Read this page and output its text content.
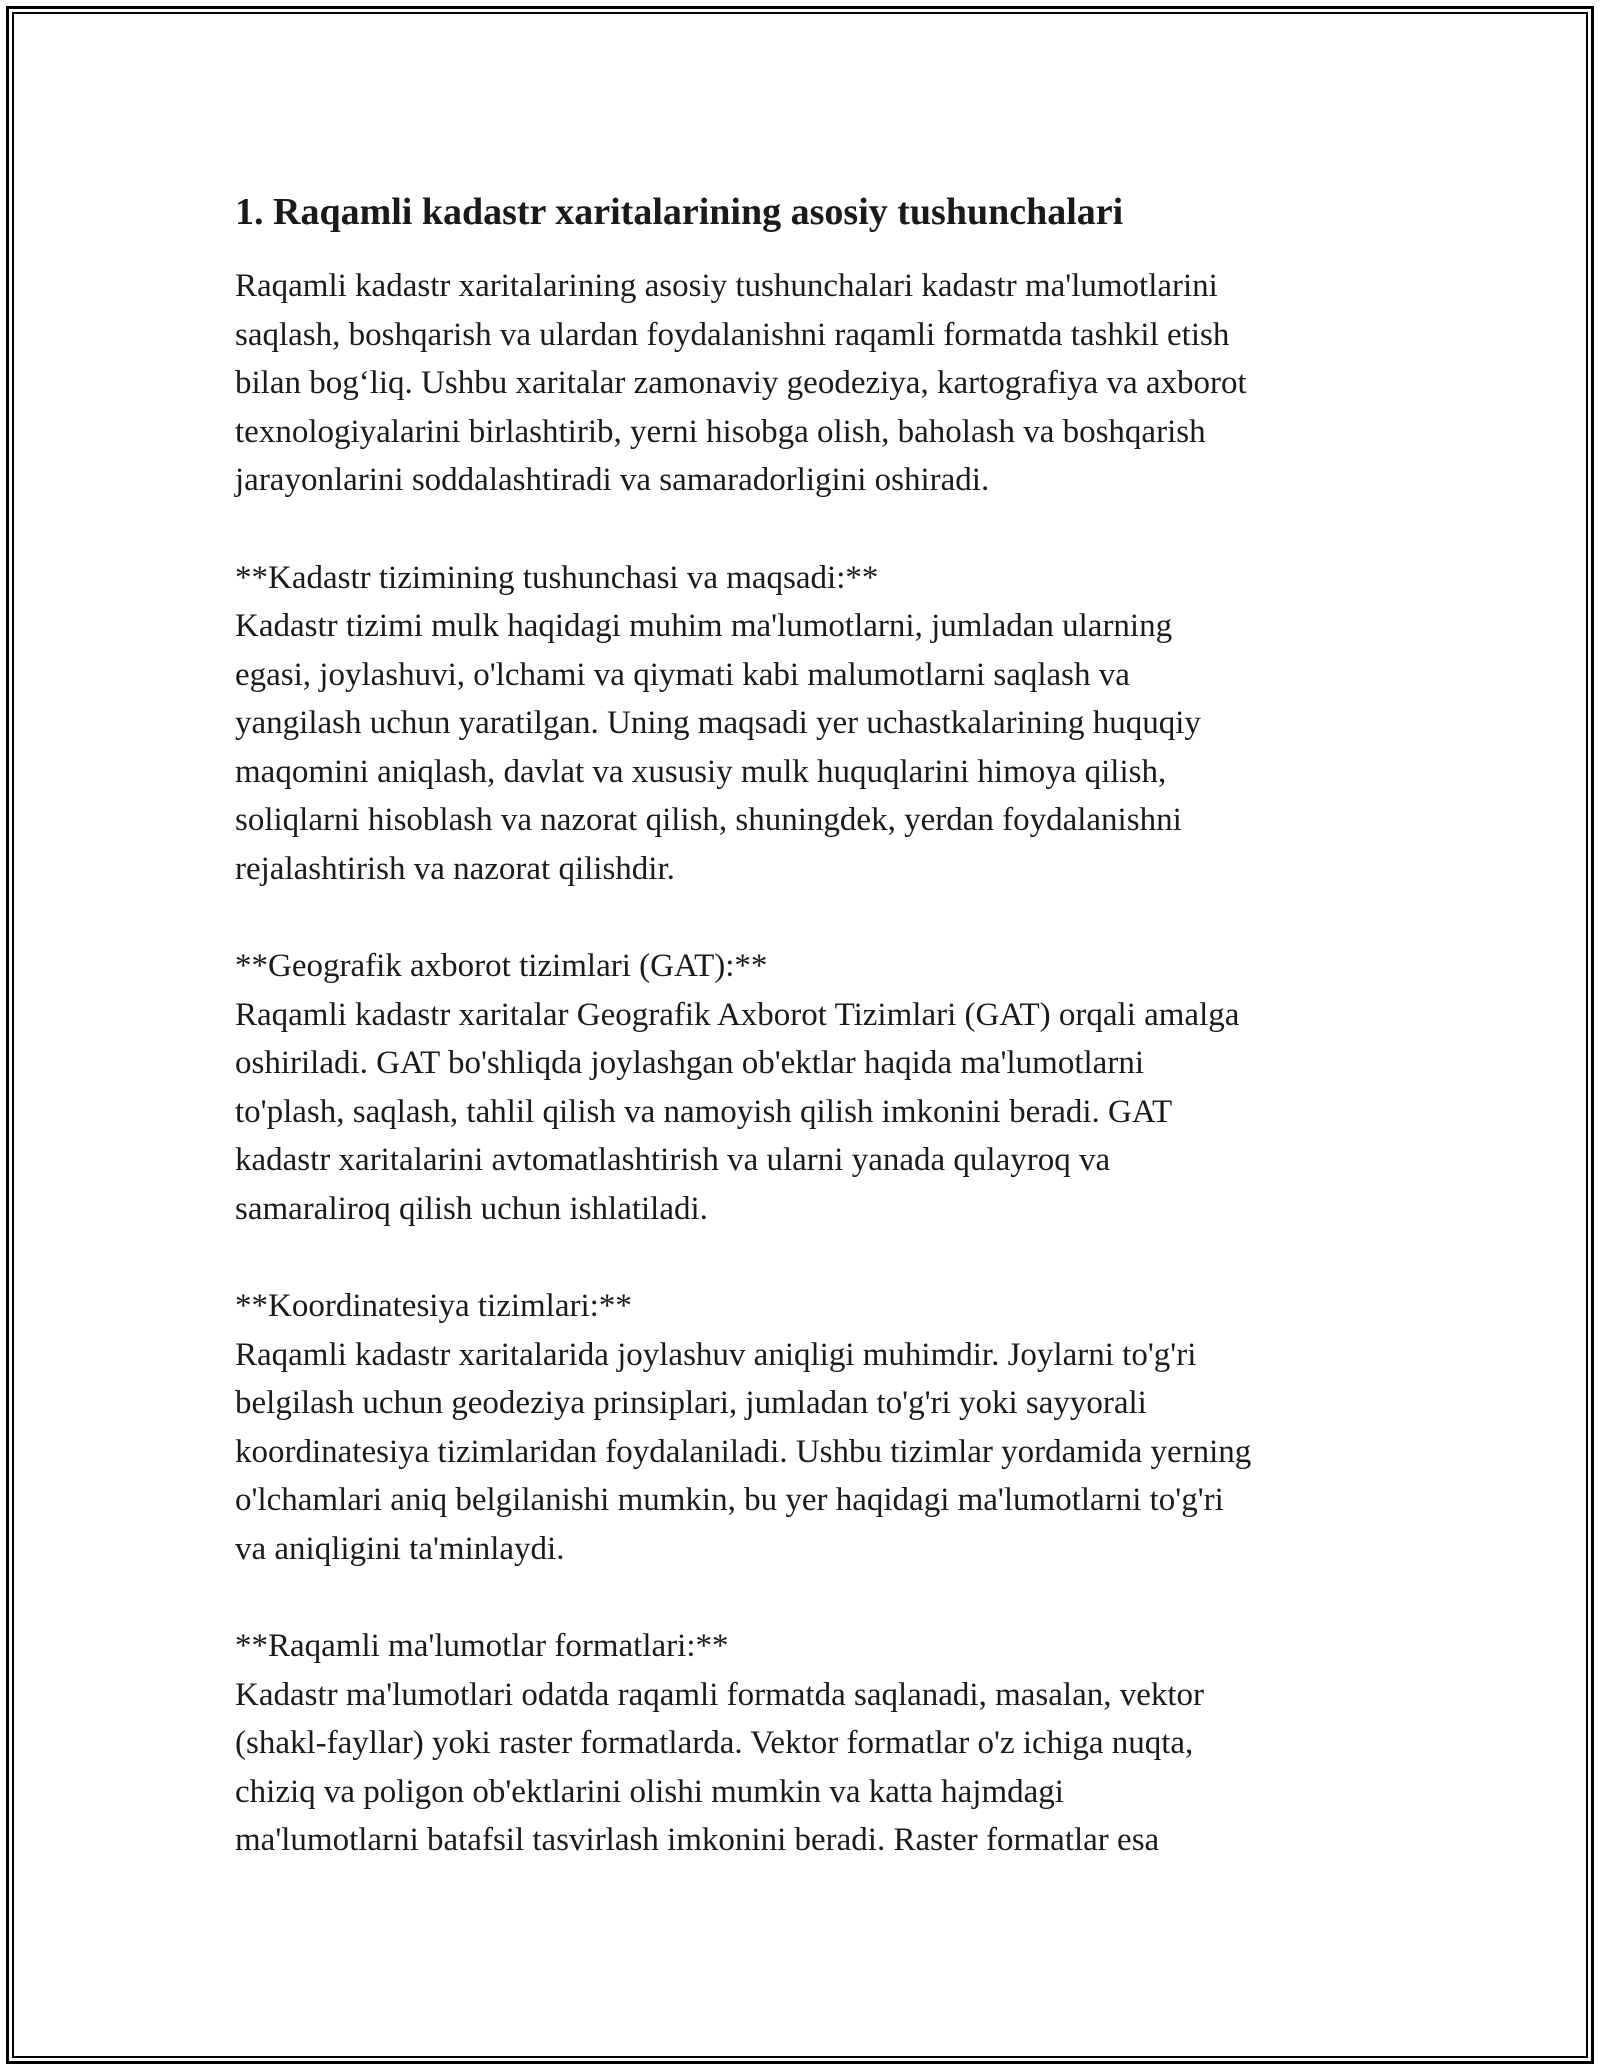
1. Raqamli kadastr xaritalarining asosiy tushunchalari
Raqamli kadastr xaritalarining asosiy tushunchalari kadastr ma'lumotlarini
saqlash, boshqarish va ulardan foydalanishni raqamli formatda tashkil etish
bilan bog‘liq. Ushbu xaritalar zamonaviy geodeziya, kartografiya va axborot
texnologiyalarini birlashtirib, yerni hisobga olish, baholash va boshqarish
jarayonlarini soddalashtiradi va samaradorligini oshiradi.

**Kadastr tizimining tushunchasi va maqsadi:**

Kadastr tizimi mulk haqidagi muhim ma'lumotlarni, jumladan ularning
egasi, joylashuvi, o'lchami va qiymati kabi malumotlarni saqlash va
yangilash uchun yaratilgan. Uning maqsadi yer uchastkalarining huquqiy
maqomini aniqlash, davlat va xususiy mulk huquqlarini himoya qilish,
soliqlarni hisoblash va nazorat qilish, shuningdek, yerdan foydalanishni
rejalashtirish va nazorat qilishdir.

**Geografik axborot tizimlari (GAT):**

Raqamli kadastr xaritalar Geografik Axborot Tizimlari (GAT) orqali amalga
oshiriladi. GAT bo'shliqda joylashgan ob'ektlar haqida ma'lumotlarni
to'plash, saqlash, tahlil qilish va namoyish qilish imkonini beradi. GAT
kadastr xaritalarini avtomatlashtirish va ularni yanada qulayroq va
samaraliroq qilish uchun ishlatiladi.

**Koordinatesiya tizimlari:**

Raqamli kadastr xaritalarida joylashuv aniqligi muhimdir. Joylarni to'g'ri
belgilash uchun geodeziya prinsiplari, jumladan to'g'ri yoki sayyorali
koordinatesiya tizimlaridan foydalaniladi. Ushbu tizimlar yordamida yerning
o'lchamlari aniq belgilanishi mumkin, bu yer haqidagi ma'lumotlarni to'g'ri
va aniqligini ta'minlaydi.

**Raqamli ma'lumotlar formatlari:**

Kadastr ma'lumotlari odatda raqamli formatda saqlanadi, masalan, vektor
(shakl-fayllar) yoki raster formatlarda. Vektor formatlar o'z ichiga nuqta,
chiziq va poligon ob'ektlarini olishi mumkin va katta hajmdagi
ma'lumotlarni batafsil tasvirlash imkonini beradi. Raster formatlar esa
